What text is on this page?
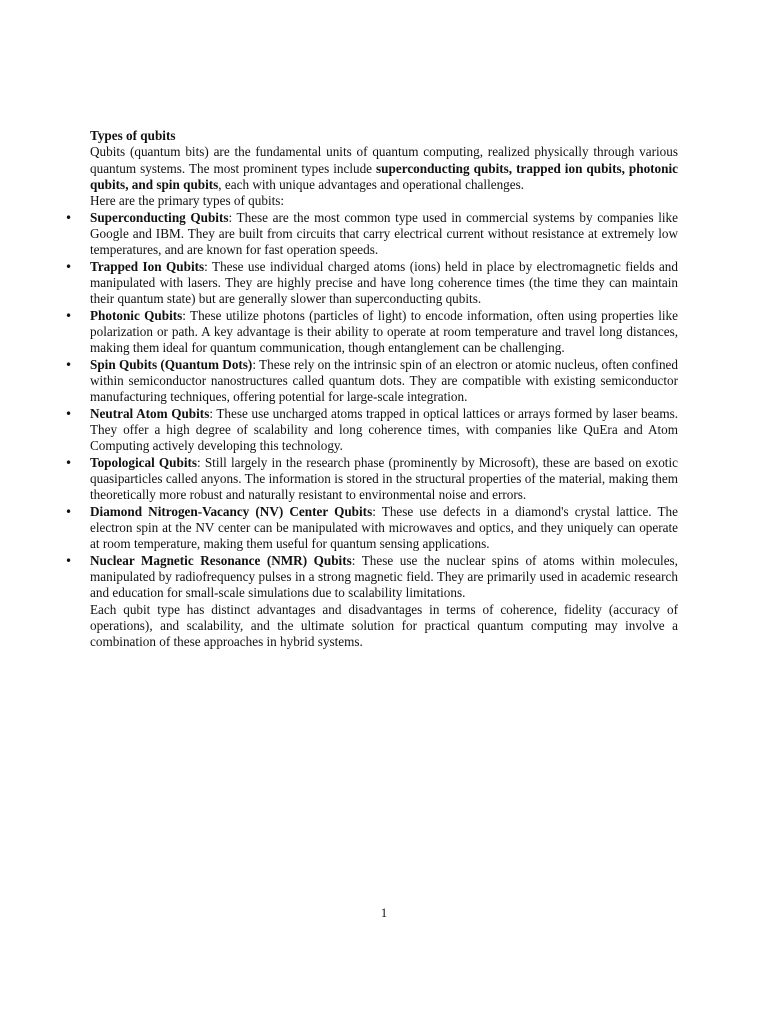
Types of qubits

Qubits (quantum bits) are the fundamental units of quantum computing, realized physically through various quantum systems. The most prominent types include superconducting qubits, trapped ion qubits, photonic qubits, and spin qubits, each with unique advantages and operational challenges.

Here are the primary types of qubits:

• Superconducting Qubits: These are the most common type used in commercial systems by companies like Google and IBM. They are built from circuits that carry electrical current without resistance at extremely low temperatures, and are known for fast operation speeds.
• Trapped Ion Qubits: These use individual charged atoms (ions) held in place by electromagnetic fields and manipulated with lasers. They are highly precise and have long coherence times (the time they can maintain their quantum state) but are generally slower than superconducting qubits.
• Photonic Qubits: These utilize photons (particles of light) to encode information, often using properties like polarization or path. A key advantage is their ability to operate at room temperature and travel long distances, making them ideal for quantum communication, though entanglement can be challenging.
• Spin Qubits (Quantum Dots): These rely on the intrinsic spin of an electron or atomic nucleus, often confined within semiconductor nanostructures called quantum dots. They are compatible with existing semiconductor manufacturing techniques, offering potential for large-scale integration.
• Neutral Atom Qubits: These use uncharged atoms trapped in optical lattices or arrays formed by laser beams. They offer a high degree of scalability and long coherence times, with companies like QuEra and Atom Computing actively developing this technology.
• Topological Qubits: Still largely in the research phase (prominently by Microsoft), these are based on exotic quasiparticles called anyons. The information is stored in the structural properties of the material, making them theoretically more robust and naturally resistant to environmental noise and errors.
• Diamond Nitrogen-Vacancy (NV) Center Qubits: These use defects in a diamond's crystal lattice. The electron spin at the NV center can be manipulated with microwaves and optics, and they uniquely can operate at room temperature, making them useful for quantum sensing applications.
• Nuclear Magnetic Resonance (NMR) Qubits: These use the nuclear spins of atoms within molecules, manipulated by radiofrequency pulses in a strong magnetic field. They are primarily used in academic research and education for small-scale simulations due to scalability limitations.

Each qubit type has distinct advantages and disadvantages in terms of coherence, fidelity (accuracy of operations), and scalability, and the ultimate solution for practical quantum computing may involve a combination of these approaches in hybrid systems.

1
